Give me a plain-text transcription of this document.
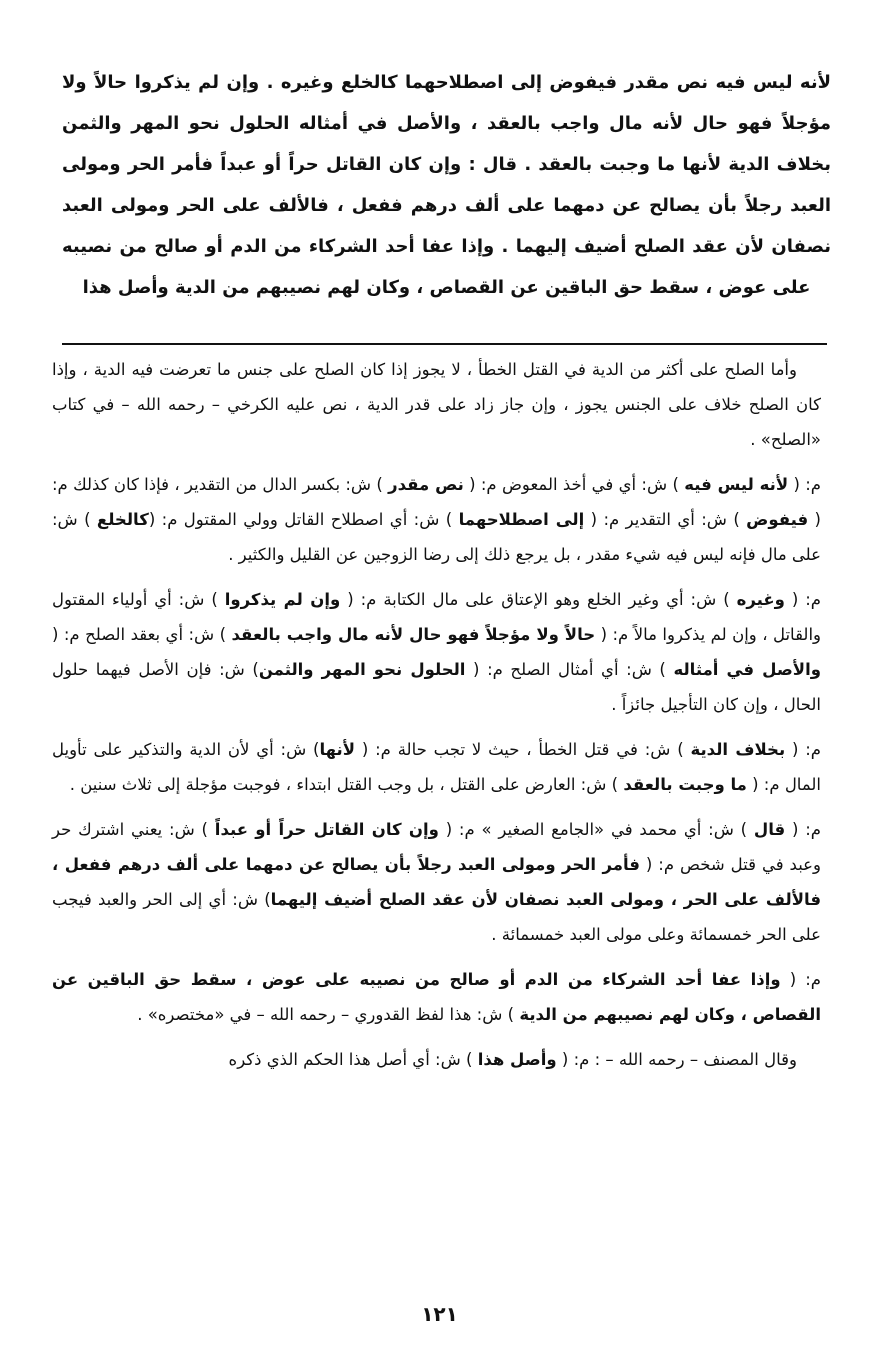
لأنه ليس فيه نص مقدر فيفوض إلى اصطلاحهما كالخلع وغيره . وإن لم يذكروا حالاً ولا مؤجلاً فهو حال لأنه مال واجب بالعقد ، والأصل في أمثاله الحلول نحو المهر والثمن بخلاف الدية لأنها ما وجبت بالعقد . قال : وإن كان القاتل حراً أو عبداً فأمر الحر ومولى العبد رجلاً بأن يصالح عن دمهما على ألف درهم ففعل ، فالألف على الحر ومولى العبد نصفان لأن عقد الصلح أضيف إليهما . وإذا عفا أحد الشركاء من الدم أو صالح من نصيبه على عوض ، سقط حق الباقين عن القصاص ، وكان لهم نصيبهم من الدية وأصل هذا

وأما الصلح على أكثر من الدية في القتل الخطأ ، لا يجوز إذا كان الصلح على جنس ما تعرضت فيه الدية ، وإذا كان الصلح خلاف على الجنس يجوز ، وإن جاز زاد على قدر الدية ، نص عليه الكرخي – رحمه الله – في كتاب «الصلح» .

م: ( لأنه ليس فيه ) ش: أي في أخذ المعوض م: ( نص مقدر ) ش: بكسر الدال من التقدير ، فإذا كان كذلك م: ( فيفوض ) ش: أي التقدير م: ( إلى اصطلاحهما ) ش: أي اصطلاح القاتل وولي المقتول م: (كالخلع ) ش: على مال فإنه ليس فيه شيء مقدر ، بل يرجع ذلك إلى رضا الزوجين عن القليل والكثير .

م: ( وغيره ) ش: أي وغير الخلع وهو الإعتاق على مال الكتابة م: ( وإن لم يذكروا ) ش: أي أولياء المقتول والقاتل ، وإن لم يذكروا مالاً م: ( حالاً ولا مؤجلاً فهو حال لأنه مال واجب بالعقد ) ش: أي بعقد الصلح م: ( والأصل في أمثاله ) ش: أي أمثال الصلح م: ( الحلول نحو المهر والثمن) ش: فإن الأصل فيهما حلول الحال ، وإن كان التأجيل جائزاً .

م: ( بخلاف الدية ) ش: في قتل الخطأ ، حيث لا تجب حالة م: ( لأنها) ش: أي لأن الدية والتذكير على تأويل المال م: ( ما وجبت بالعقد ) ش: العارض على القتل ، بل وجب القتل ابتداء ، فوجبت مؤجلة إلى ثلاث سنين .

م: ( قال ) ش: أي محمد في «الجامع الصغير » م: ( وإن كان القاتل حراً أو عبداً ) ش: يعني اشترك حر وعبد في قتل شخص م: ( فأمر الحر ومولى العبد رجلاً بأن يصالح عن دمهما على ألف درهم ففعل ، فالألف على الحر ، ومولى العبد نصفان لأن عقد الصلح أضيف إليهما) ش: أي إلى الحر والعبد فيجب على الحر خمسمائة وعلى مولى العبد خمسمائة .

م: ( وإذا عفا أحد الشركاء من الدم أو صالح من نصيبه على عوض ، سقط حق الباقين عن القصاص ، وكان لهم نصيبهم من الدية ) ش: هذا لفظ القدوري – رحمه الله – في «مختصره» .

وقال المصنف – رحمه الله – : م: ( وأصل هذا ) ش: أي أصل هذا الحكم الذي ذكره

١٢١
